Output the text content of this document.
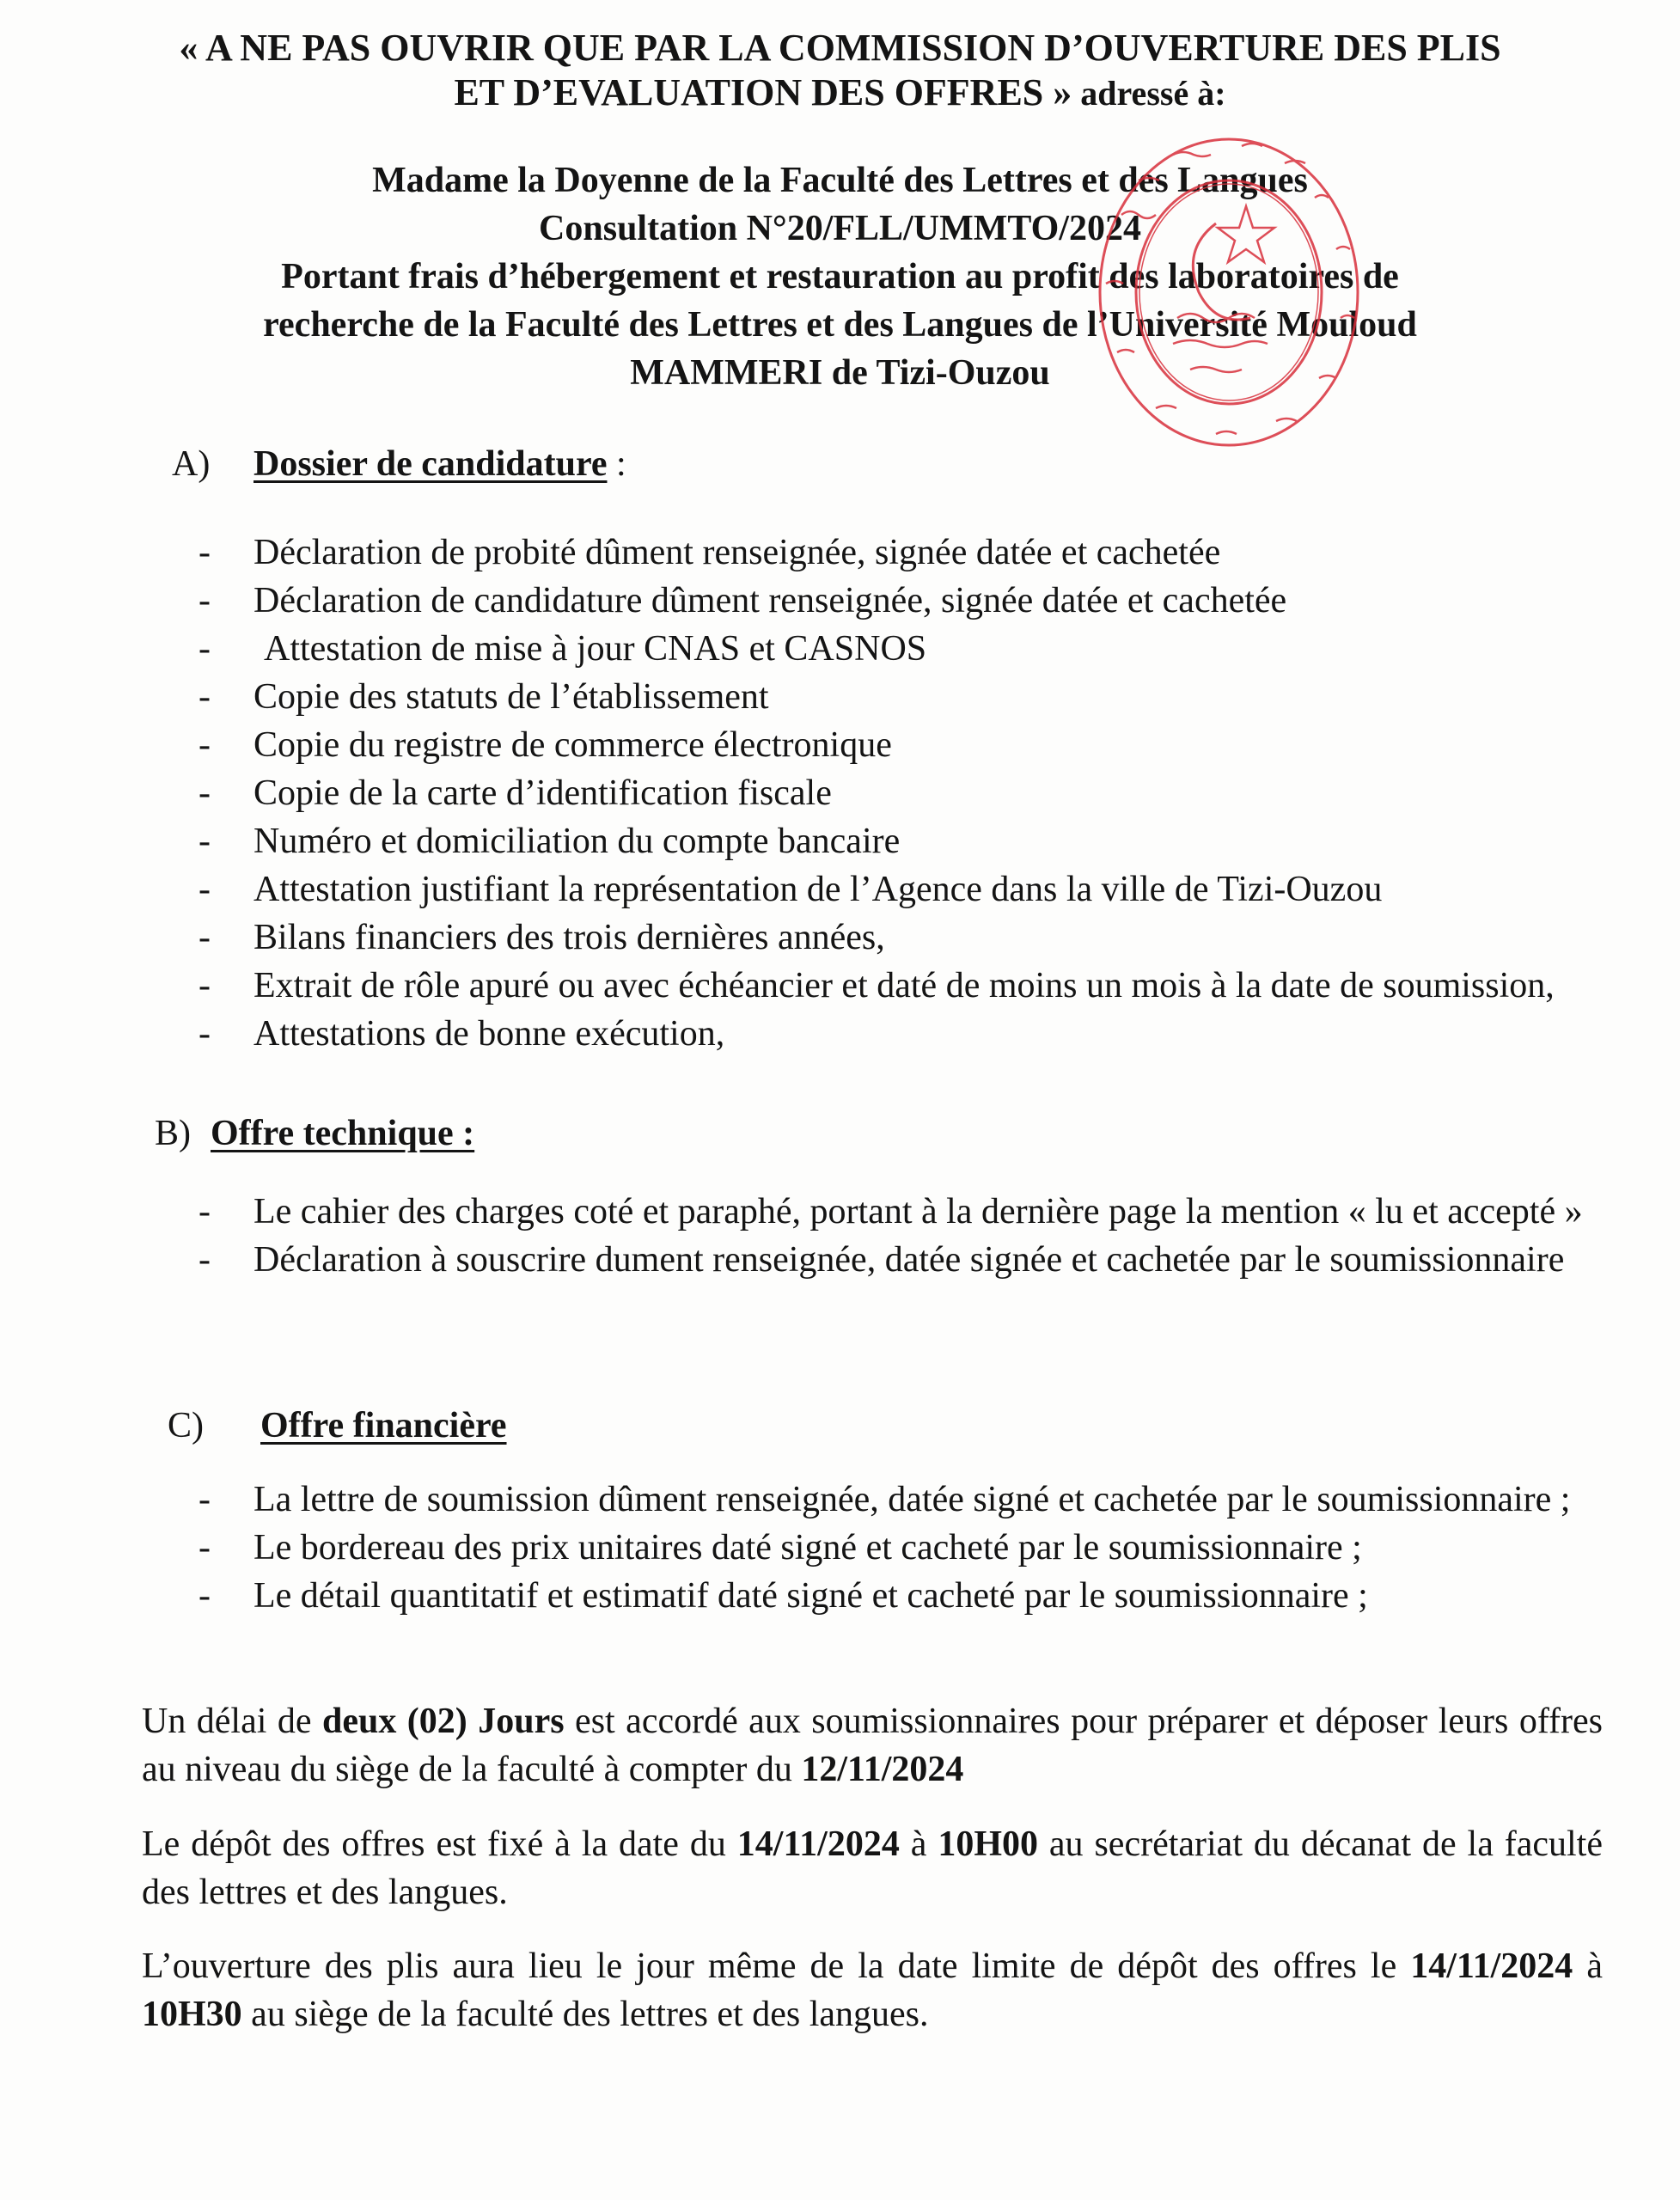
« A NE PAS OUVRIR QUE PAR LA COMMISSION D’OUVERTURE DES PLIS
ET D’EVALUATION DES OFFRES » adressé à:
Madame la Doyenne de la Faculté des Lettres et des Langues
Consultation N°20/FLL/UMMTO/2024
Portant frais d’hébergement et restauration au profit des laboratoires de
recherche de la Faculté des Lettres et des Langues de l’Université Mouloud
MAMMERI de Tizi-Ouzou
A) Dossier de candidature :
- Déclaration de probité dûment renseignée, signée datée et cachetée
- Déclaration de candidature dûment renseignée, signée datée et cachetée
- Attestation de mise à jour CNAS et CASNOS
- Copie des statuts de l’établissement
- Copie du registre de commerce électronique
- Copie de la carte d’identification fiscale
- Numéro et domiciliation du compte bancaire
- Attestation justifiant la représentation de l’Agence dans la ville de Tizi-Ouzou
- Bilans financiers des trois dernières années,
- Extrait de rôle apuré ou avec échéancier et daté de moins un mois à la date de soumission,
- Attestations de bonne exécution,
B) Offre technique :
- Le cahier des charges coté et paraphé, portant à la dernière page la mention « lu et accepté »
- Déclaration à souscrire dument renseignée, datée signée et cachetée par le soumissionnaire
C) Offre financière
- La lettre de soumission dûment renseignée, datée signé et cachetée par le soumissionnaire ;
- Le bordereau des prix unitaires daté signé et cacheté par le soumissionnaire ;
- Le détail quantitatif et estimatif daté signé et cacheté par le soumissionnaire ;
Un délai de deux (02) Jours est accordé aux soumissionnaires pour préparer et déposer leurs offres au niveau du siège de la faculté à compter du 12/11/2024
Le dépôt des offres est fixé à la date du 14/11/2024 à 10H00 au secrétariat du décanat de la faculté des lettres et des langues.
L’ouverture des plis aura lieu le jour même de la date limite de dépôt des offres le 14/11/2024 à 10H30 au siège de la faculté des lettres et des langues.
